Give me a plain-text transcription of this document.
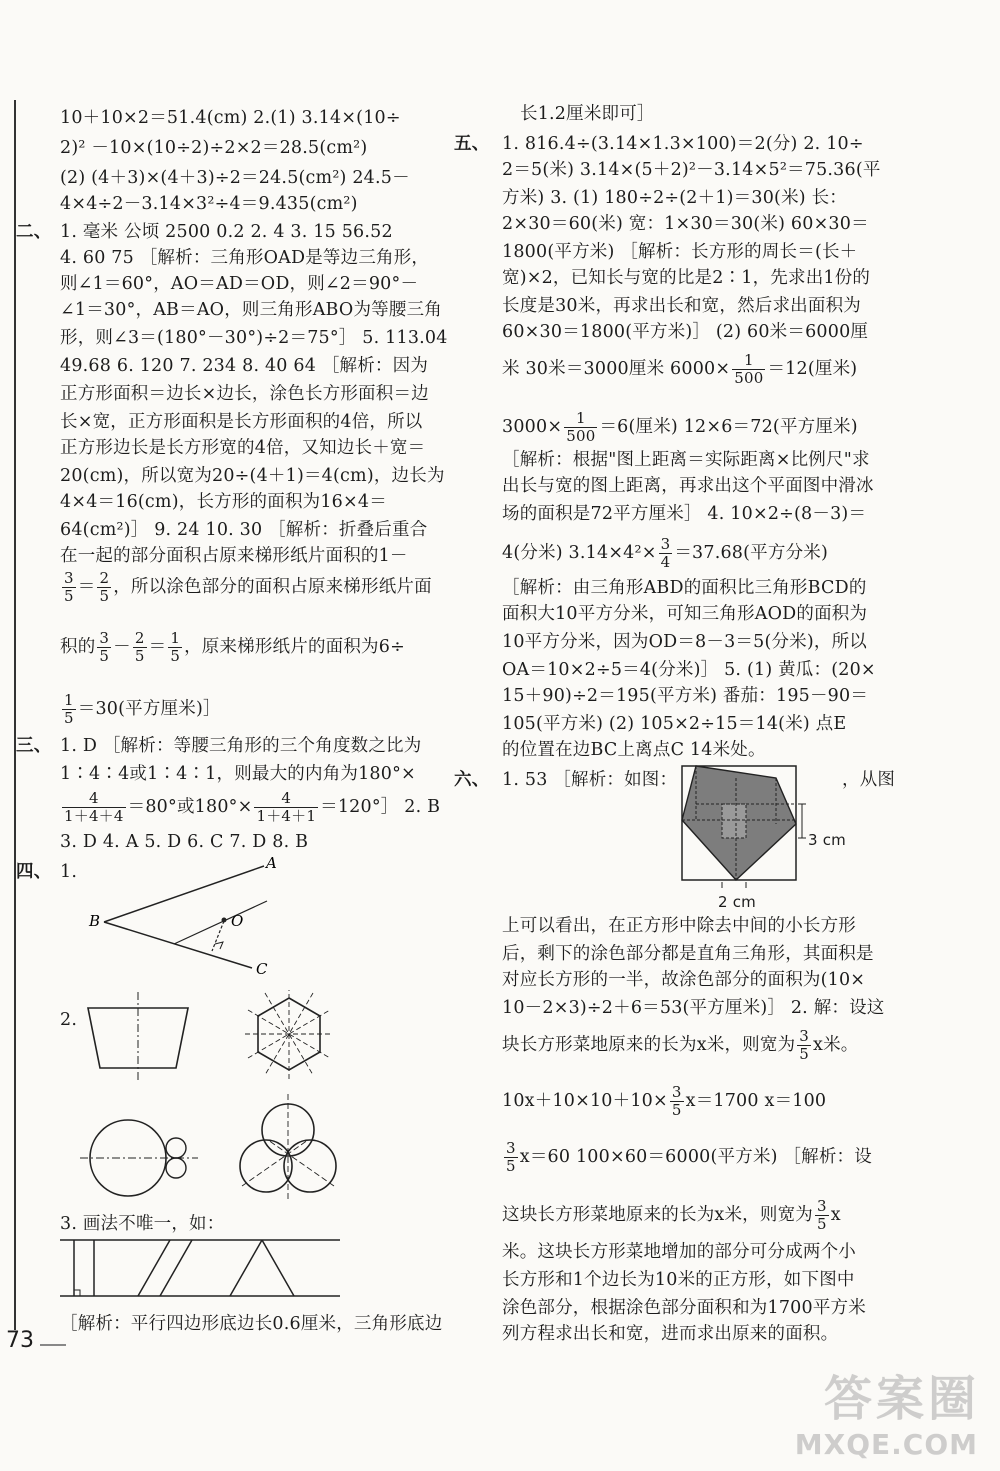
10＋10×2＝51.4(cm) 2.(1) 3.14×(10÷
2)² －10×(10÷2)÷2×2＝28.5(cm²)
(2) (4＋3)×(4＋3)÷2＝24.5(cm²) 24.5－
4×4÷2－3.14×3²÷4＝9.435(cm²)
二、 1. 毫米 公顷 2500 0.2 2. 4 3. 15 56.52
4. 60 75 ［解析：三角形OAD是等边三角形，
则∠1＝60°，AO＝AD＝OD，则∠2＝90°－
∠1＝30°，AB＝AO，则三角形ABO为等腰三角
形，则∠3＝(180°－30°)÷2＝75°］ 5. 113.04
49.68 6. 120 7. 234 8. 40 64 ［解析：因为
正方形面积＝边长×边长，涂色长方形面积＝边
长×宽，正方形面积是长方形面积的4倍，所以
正方形边长是长方形宽的4倍，又知边长＋宽＝
20(cm)，所以宽为20÷(4＋1)＝4(cm)，边长为
4×4＝16(cm)，长方形的面积为16×4＝
64(cm²)］ 9. 24 10. 30 ［解析：折叠后重合
在一起的部分面积占原来梯形纸片面积的1－
$\frac{3}{5} = \frac{2}{5}$ ，所以涂色部分的面积占原来梯形纸片面
积的 $\frac{3}{5} - \frac{2}{5} = \frac{1}{5}$ ，原来梯形纸片的面积为6÷
$\frac{1}{5} =30$(平方厘米)］
三、 1. D ［解析：等腰三角形的三个角度数之比为
1∶4∶4或1∶4∶1，则最大的内角为180°×
$\frac{4}{1+4+4} =80^\circ$或$180^\circ\times \frac{4}{1+4+1}$ ＝120°］ 2. B
3. D 4. A 5. D 6. C 7. D 8. B
四、 1.	A
B
C
O
2.
3. 画法不唯一，如：
［解析：平行四边形底边长0.6厘米，三角形底边
长1.2厘米即可］
五、 1. 816.4÷(3.14×1.3×100)＝2(分) 2. 10÷
2＝5(米) 3.14×(5＋2)²－3.14×5²＝75.36(平
方米) 3. (1) 180÷2÷(2＋1)＝30(米) 长：
2×30＝60(米) 宽：1×30＝30(米) 60×30＝
1800(平方米) ［解析：长方形的周长＝(长＋
宽)×2，已知长与宽的比是2∶1，先求出1份的
长度是30米，再求出长和宽，然后求出面积为
60×30＝1800(平方米)］ (2) 60米＝6000厘
米 30米＝3000厘米 $6000\times \frac{1}{500} =12$(厘米)
$3000\times \frac{1}{500} =6$(厘米) 12×6＝72(平方厘米)
［解析：根据"图上距离＝实际距离×比例尺"求
出长与宽的图上距离，再求出这个平面图中滑冰
场的面积是72平方厘米］ 4. 10×2÷(8－3)＝
4(分米) $3.14\times 4^2\times \frac{3}{4} =37.68$(平方分米)
［解析：由三角形ABD的面积比三角形BCD的
面积大10平方分米，可知三角形AOD的面积为
10平方分米，因为OD＝8－3＝5(分米)，所以
OA＝10×2÷5＝4(分米)］ 5. (1) 黄瓜：(20×
15＋90)÷2＝195(平方米) 番茄：195－90＝
105(平方米) (2) 105×2÷15＝14(米) 点E
的位置在边BC上离点C 14米处。
六、 1. 53 ［解析：如图：	，从图
3 cm
2 cm
上可以看出，在正方形中除去中间的小长方形
后，剩下的涂色部分都是直角三角形，其面积是
对应长方形的一半，故涂色部分的面积为(10×
10－2×3)÷2＋6＝53(平方厘米)］ 2. 解：设这
块长方形菜地原来的长为x米，则宽为 $\frac{3}{5}$ x米。
$10x+10\times 10+10\times \frac{3}{5} x=1700$ x＝100
$\frac{3}{5} x=60$ 100×60＝6000(平方米) ［解析：设
这块长方形菜地原来的长为x米，则宽为 $\frac{3}{5}$ x
米。这块长方形菜地增加的部分可分成两个小
长方形和1个边长为10米的正方形，如下图中
涂色部分，根据涂色部分面积和为1700平方米
列方程求出长和宽，进而求出原来的面积。
73
答案圈
MXQE.COM
